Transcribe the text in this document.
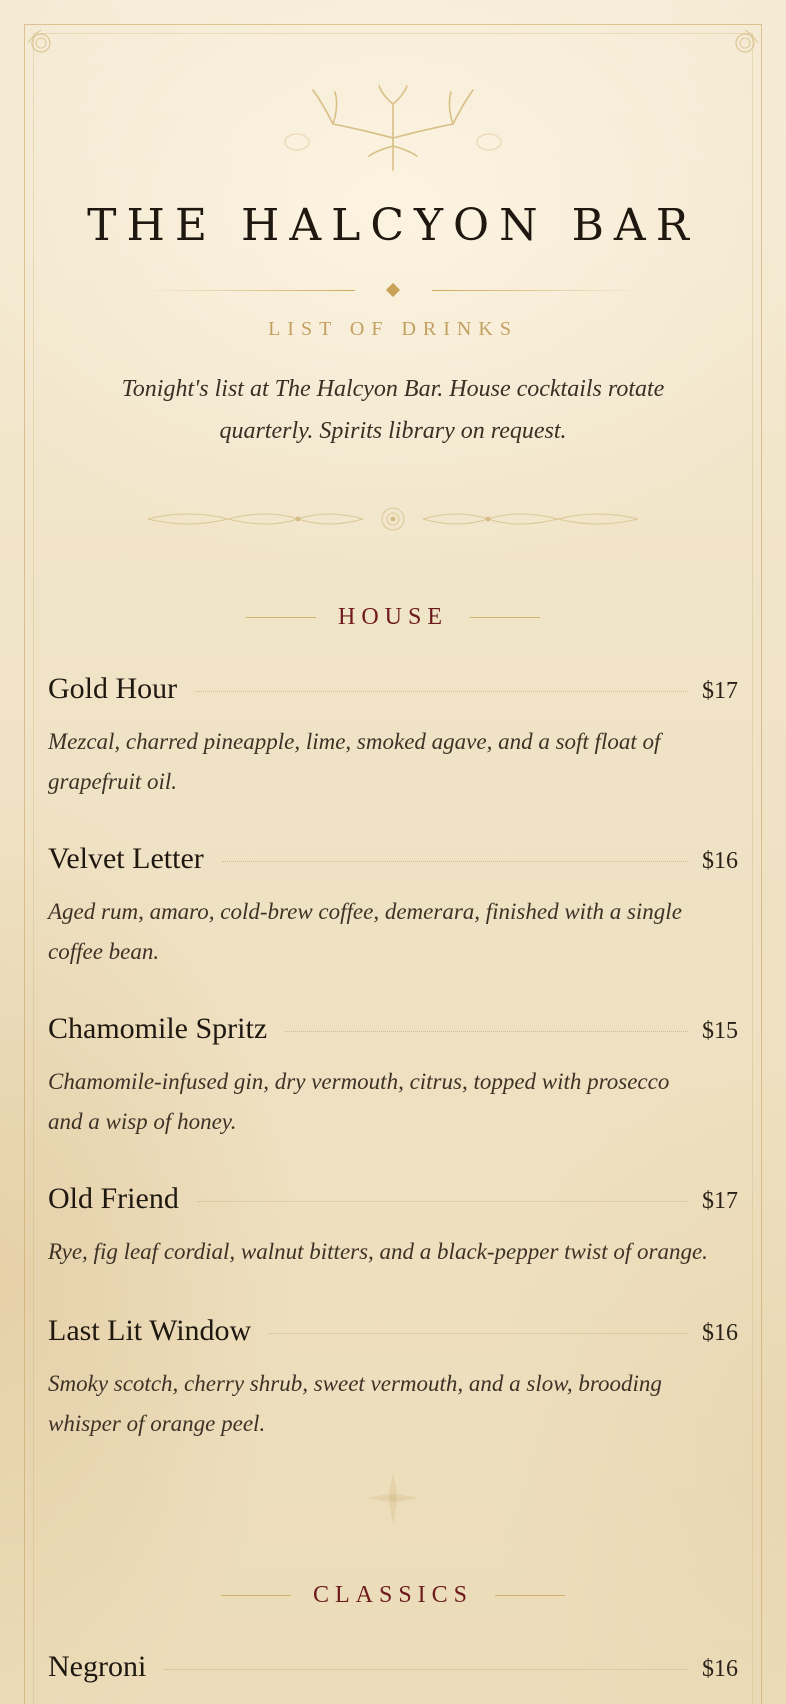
THE HALCYON BAR
LIST OF DRINKS

Tonight's list at The Halcyon Bar. House cocktails rotate quarterly. Spirits library on request.

HOUSE
Gold Hour	$17

Mezcal, charred pineapple, lime, smoked agave, and a soft float of grapefruit oil.

Velvet Letter	$16

Aged rum, amaro, cold-brew coffee, demerara, finished with a single coffee bean.

Chamomile Spritz	$15

Chamomile-infused gin, dry vermouth, citrus, topped with prosecco and a wisp of honey.

Old Friend	$17

Rye, fig leaf cordial, walnut bitters, and a black-pepper twist of orange.

Last Lit Window	$16

Smoky scotch, cherry shrub, sweet vermouth, and a slow, brooding whisper of orange peel.

CLASSICS
Negroni	$16
